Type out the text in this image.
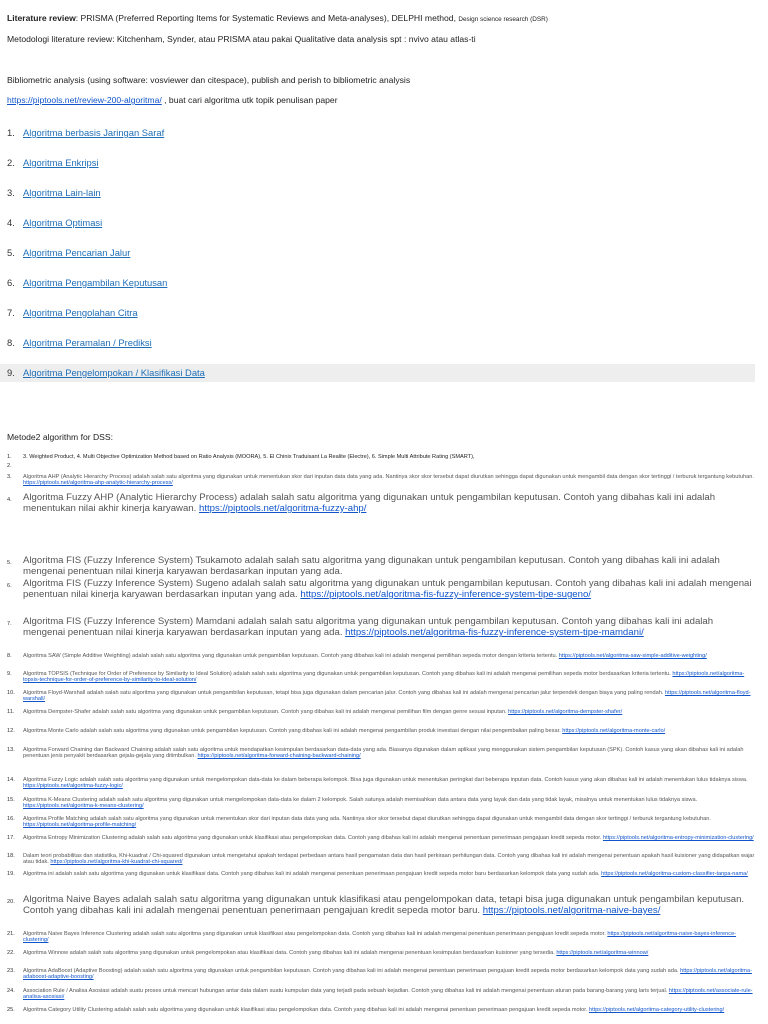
Literature review: PRISMA (Preferred Reporting Items for Systematic Reviews and Meta-analyses), DELPHI method, Design science research (DSR)
Metodologi literature review: Kitchenham, Synder, atau PRISMA atau pakai Qualitative data analysis spt : nvivo atau atlas-ti
Bibliometric analysis (using software: vosviewer dan citespace), publish and perish to bibliometric analysis
https://piptools.net/review-200-algoritma/ , buat cari algoritma utk topik penulisan paper
1. Algoritma berbasis Jaringan Saraf
2. Algoritma Enkripsi
3. Algoritma Lain-lain
4. Algoritma Optimasi
5. Algoritma Pencarian Jalur
6. Algoritma Pengambilan Keputusan
7. Algoritma Pengolahan Citra
8. Algoritma Peramalan / Prediksi
9. Algoritma Pengelompokan / Klasifikasi Data
Metode2 algorithm for DSS:
1. 3. Weighted Product, 4. Multi Objective Optimization Method based on Ratio Analysis (MOORA), 5. El Chinix Traduisant La Realite (Electre), 6. Simple Multi Attribute Rating (SMART),
2.
3. Algoritma AHP (Analytic Hierarchy Process) adalah salah satu algoritma yang digunakan untuk menentukan skor dari inputan data data yang ada. Nantinya skor skor tersebut dapat diurutkan sehingga dapat digunakan untuk mengambil data dengan skor tertinggi / terburuk tergantung kebutuhan. https://piptools.net/algoritma-ahp-analytic-hierarchy-process/
4. Algoritma Fuzzy AHP (Analytic Hierarchy Process) adalah salah satu algoritma yang digunakan untuk pengambilan keputusan. Contoh yang dibahas kali ini adalah menentukan nilai akhir kinerja karyawan. https://piptools.net/algoritma-fuzzy-ahp/
5. Algoritma FIS (Fuzzy Inference System) Tsukamoto adalah salah satu algoritma yang digunakan untuk pengambilan keputusan. Contoh yang dibahas kali ini adalah mengenai penentuan nilai kinerja karyawan berdasarkan inputan yang ada.
6. Algoritma FIS (Fuzzy Inference System) Sugeno adalah salah satu algoritma yang digunakan untuk pengambilan keputusan. Contoh yang dibahas kali ini adalah mengenai penentuan nilai kinerja karyawan berdasarkan inputan yang ada. https://piptools.net/algoritma-fis-fuzzy-inference-system-tipe-sugeno/
7. Algoritma FIS (Fuzzy Inference System) Mamdani adalah salah satu algoritma yang digunakan untuk pengambilan keputusan. Contoh yang dibahas kali ini adalah mengenai penentuan nilai kinerja karyawan berdasarkan inputan yang ada. https://piptools.net/algoritma-fis-fuzzy-inference-system-tipe-mamdani/
8. Algoritma SAW (Simple Additive Weighting) adalah salah satu algoritma yang digunakan untuk pengambilan keputusan. Contoh yang dibahas kali ini adalah mengenai pemilihan sepeda motor dengan kriteria tertentu. https://piptools.net/algoritma-saw-simple-additive-weighting/
9. Algoritma TOPSIS (Technique for Order of Preference by Similarity to Ideal Solution) adalah salah satu algoritma yang digunakan untuk pengambilan keputusan. Contoh yang dibahas kali ini adalah mengenai pemilihan sepeda motor berdasarkan kriteria tertentu. https://piptools.net/algoritma-topsis-technique-for-order-of-preference-by-similarity-to-ideal-solution/
10. Algoritma Floyd-Warshall adalah salah satu algoritma yang digunakan untuk pengambilan keputusan, tetapi bisa juga digunakan dalam pencarian jalur. Contoh yang dibahas kali ini adalah mengenai pencarian jalur terpendek dengan biaya yang paling rendah. https://piptools.net/algoritma-floyd-warshall/
11. Algoritma Dempster-Shafer adalah salah satu algoritma yang digunakan untuk pengambilan keputusan. Contoh yang dibahas kali ini adalah mengenai pemilihan film dengan genre sesuai inputan. https://piptools.net/algoritma-dempster-shafer/
12. Algoritma Monte Carlo adalah salah satu algoritma yang digunakan untuk pengambilan keputusan. Contoh yang dibahas kali ini adalah mengenai pengambilan produk investasi dengan nilai pengembalian paling besar. https://piptools.net/algoritma-monte-carlo/
13. Algoritma Forward Chaining dan Backward Chaining adalah salah satu algoritma untuk mendapatkan kesimpulan berdasarkan data-data yang ada. Biasanya digunakan dalam aplikasi yang menggunakan sistem pengambilan keputusan (SPK). Contoh kasus yang akan dibahas kali ini adalah penentuan jenis penyakit berdasarkan gejala-gejala yang ditimbulkan. https://piptools.net/algoritma-forward-chaining-backward-chaining/
14. Algoritma Fuzzy Logic adalah salah satu algoritma yang digunakan untuk mengelompokan data-data ke dalam beberapa kelompok. Bisa juga digunakan untuk menentukan peringkat dari beberapa inputan data. Contoh kasus yang akan dibahas kali ini adalah menentukan lulus tidaknya siswa. https://piptools.net/algoritma-fuzzy-logic/
15. Algoritma K-Means Clustering adalah salah satu algoritma yang digunakan untuk mengelompokan data-data ke dalam 2 kelompok. Salah satunya adalah memisahkan data antara data yang layak dan data yang tidak layak, misalnya untuk menentukan lulus tidaknya siswa. https://piptools.net/algoritma-k-means-clustering/
16. Algoritma Profile Matching adalah salah satu algoritma yang digunakan untuk menentukan skor dari inputan data data yang ada. Nantinya skor skor tersebut dapat diurutkan sehingga dapat digunakan untuk mengambil data dengan skor tertinggi / terburuk tergantung kebutuhan. https://piptools.net/algoritma-profile-matching/
17. Algoritma Entropy Minimization Clustering adalah salah satu algoritma yang digunakan untuk klasifikasi atau pengelompokan data. Contoh yang dibahas kali ini adalah mengenai penentuan penerimaan pengajuan kredit sepeda motor. https://piptools.net/algoritma-entropy-minimization-clustering/
18. Dalam teori probabilitas dan statistika, Khi-kuadrat / Chi-squared digunakan untuk mengetahui apakah terdapat perbedaan antara hasil pengamatan data dan hasil perkiraan perhitungan data. Contoh yang dibahas kali ini adalah mengenai penentuan apakah hasil kuisioner yang didapatkan wajar atau tidak. https://piptools.net/algoritma-khi-kuadrat-chi-squared/
19. Algoritma ini adalah salah satu algoritma yang digunakan untuk klasifikasi data. Contoh yang dibahas kali ini adalah mengenai penentuan penerimaan pengajuan kredit sepeda motor baru berdasarkan kelompok data yang sudah ada. https://piptools.net/algoritma-custom-classifier-tanpa-nama/
20. Algoritma Naive Bayes adalah salah satu algoritma yang digunakan untuk klasifikasi atau pengelompokan data, tetapi bisa juga digunakan untuk pengambilan keputusan. Contoh yang dibahas kali ini adalah mengenai penentuan penerimaan pengajuan kredit sepeda motor baru. https://piptools.net/algoritma-naive-bayes/
21. Algoritma Naive Bayes Inference Clustering adalah salah satu algoritma yang digunakan untuk klasifikasi atau pengelompokan data. Contoh yang dibahas kali ini adalah mengenai penentuan penerimaan pengajuan kredit sepeda motor. https://piptools.net/algoritma-naive-bayes-inference-clustering/
22. Algoritma Winnow adalah salah satu algoritma yang digunakan untuk pengelompokan atau klasifikasi data. Contoh yang dibahas kali ini adalah mengenai penentuan kesimpulan berdasarkan kuisioner yang tersedia. https://piptools.net/algoritma-winnow/
23. Algoritma AdaBoost (Adaptive Boosting) adalah salah satu algoritma yang digunakan untuk pengambilan keputusan. Contoh yang dibahas kali ini adalah mengenai penentuan penerimaan pengajuan kredit sepeda motor berdasarkan kelompok data yang sudah ada. https://piptools.net/algoritma-adaboost-adaptive-boosting/
24. Association Rule / Analisa Asosiasi adalah suatu proses untuk mencari hubungan antar data dalam suatu kumpulan data yang terjadi pada sebuah kejadian. Contoh yang dibahas kali ini adalah mengenai penentuan aturan pada barang-barang yang laris terjual. https://piptools.net/associate-rule-analisa-asosiasi/
25. Algoritma Category Utility Clustering adalah salah satu algoritma yang digunakan untuk klasifikasi atau pengelompokan data. Contoh yang dibahas kali ini adalah mengenai penentuan penerimaan pengajuan kredit sepeda motor. https://piptools.net/algoritma-category-utility-clustering/
